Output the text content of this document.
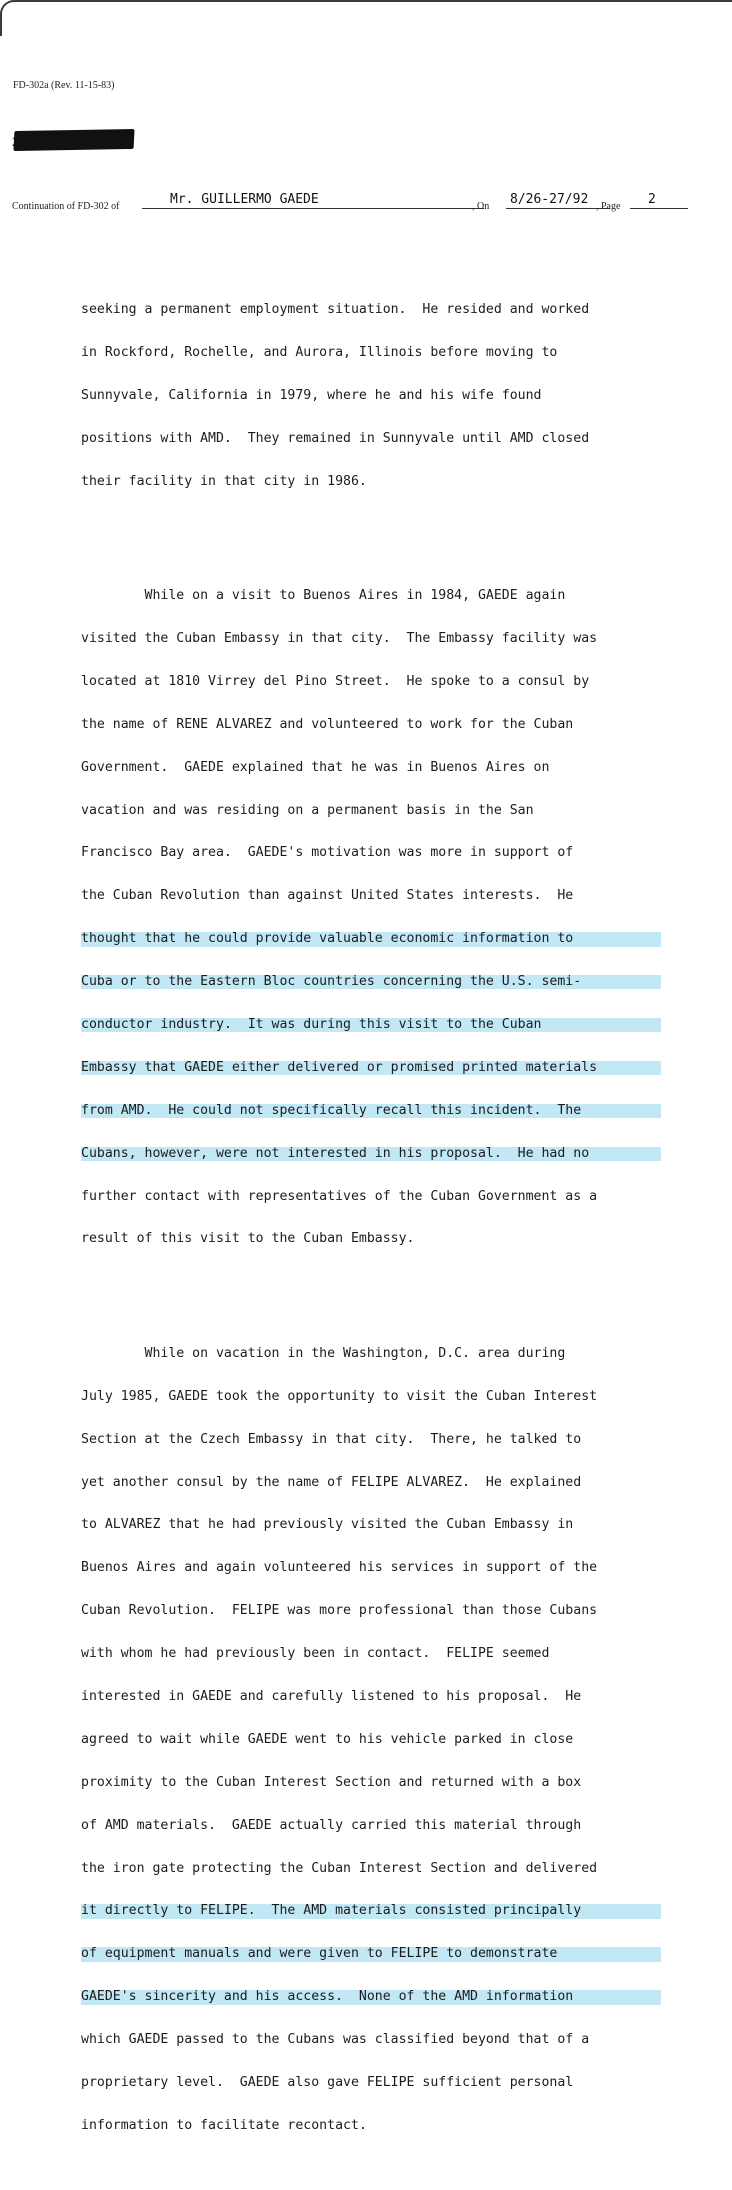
FD-302a (Rev. 11-15-83)
Continuation of FD-302 of	Mr. GUILLERMO GAEDE	, On 8/26-27/92 , Page 2

seeking a permanent employment situation.  He resided and worked

in Rockford, Rochelle, and Aurora, Illinois before moving to

Sunnyvale, California in 1979, where he and his wife found

positions with AMD.  They remained in Sunnyvale until AMD closed

their facility in that city in 1986.

While on a visit to Buenos Aires in 1984, GAEDE again

visited the Cuban Embassy in that city.  The Embassy facility was

located at 1810 Virrey del Pino Street.  He spoke to a consul by

the name of RENE ALVAREZ and volunteered to work for the Cuban

Government.  GAEDE explained that he was in Buenos Aires on

vacation and was residing on a permanent basis in the San

Francisco Bay area.  GAEDE's motivation was more in support of

the Cuban Revolution than against United States interests.  He

thought that he could provide valuable economic information to

Cuba or to the Eastern Bloc countries concerning the U.S. semi-

conductor industry.  It was during this visit to the Cuban

Embassy that GAEDE either delivered or promised printed materials

from AMD.  He could not specifically recall this incident.  The

Cubans, however, were not interested in his proposal.  He had no

further contact with representatives of the Cuban Government as a

result of this visit to the Cuban Embassy.

While on vacation in the Washington, D.C. area during

July 1985, GAEDE took the opportunity to visit the Cuban Interest

Section at the Czech Embassy in that city.  There, he talked to

yet another consul by the name of FELIPE ALVAREZ.  He explained

to ALVAREZ that he had previously visited the Cuban Embassy in

Buenos Aires and again volunteered his services in support of the

Cuban Revolution.  FELIPE was more professional than those Cubans

with whom he had previously been in contact.  FELIPE seemed

interested in GAEDE and carefully listened to his proposal.  He

agreed to wait while GAEDE went to his vehicle parked in close

proximity to the Cuban Interest Section and returned with a box

of AMD materials.  GAEDE actually carried this material through

the iron gate protecting the Cuban Interest Section and delivered

it directly to FELIPE.  The AMD materials consisted principally

of equipment manuals and were given to FELIPE to demonstrate

GAEDE's sincerity and his access.  None of the AMD information

which GAEDE passed to the Cubans was classified beyond that of a

proprietary level.  GAEDE also gave FELIPE sufficient personal

information to facilitate recontact.
